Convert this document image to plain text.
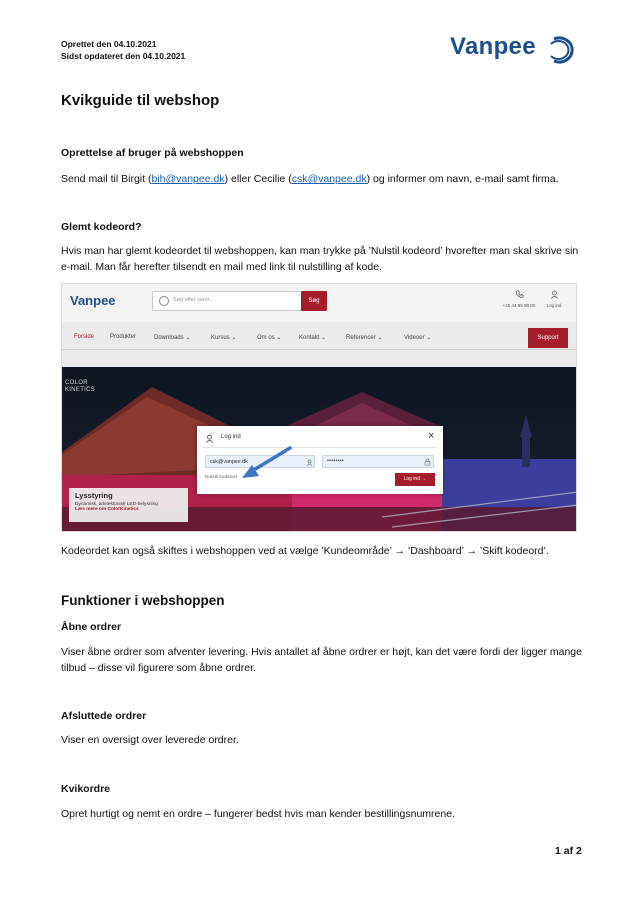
Oprettet den 04.10.2021
Sidst opdateret den 04.10.2021	Vanpee
Kvikguide til webshop
Oprettelse af bruger på webshoppen
Send mail til Birgit (bih@vanpee.dk) eller Cecilie (csk@vanpee.dk) og informer om navn, e-mail samt firma.
Glemt kodeord?
Hvis man har glemt kodeordet til webshoppen, kan man trykke på ’Nulstil kodeord’ hvorefter man skal skrive sin e-mail. Man får herefter tilsendt en mail med link til nulstilling af kode.
Vanpee	Søg efter varer...	Søg
+45 44 85 90 00	Log ind
Forside	Produkter	Downloads ⌄	Kursus ⌄	Om os ⌄	Kontakt ⌄	Referencer ⌄	Videoer ⌄	Support
COLOR
KINETICS
Lysstyring
Dynamisk, arkitektonisk LED-belysning
Læs mere om ColorKinetics
Log ind	×
csk@vanpee.dk	••••••••
Nulstil kodeord	Log ind →
Kodeordet kan også skiftes i webshoppen ved at vælge ’Kundeområde’ → ’Dashboard’ → ’Skift kodeord’.
Funktioner i webshoppen
Åbne ordrer
Viser åbne ordrer som afventer levering. Hvis antallet af åbne ordrer er højt, kan det være fordi der ligger mange tilbud – disse vil figurere som åbne ordrer.
Afsluttede ordrer
Viser en oversigt over leverede ordrer.
Kvikordre
Opret hurtigt og nemt en ordre – fungerer bedst hvis man kender bestillingsnumrene.
1 af 2
